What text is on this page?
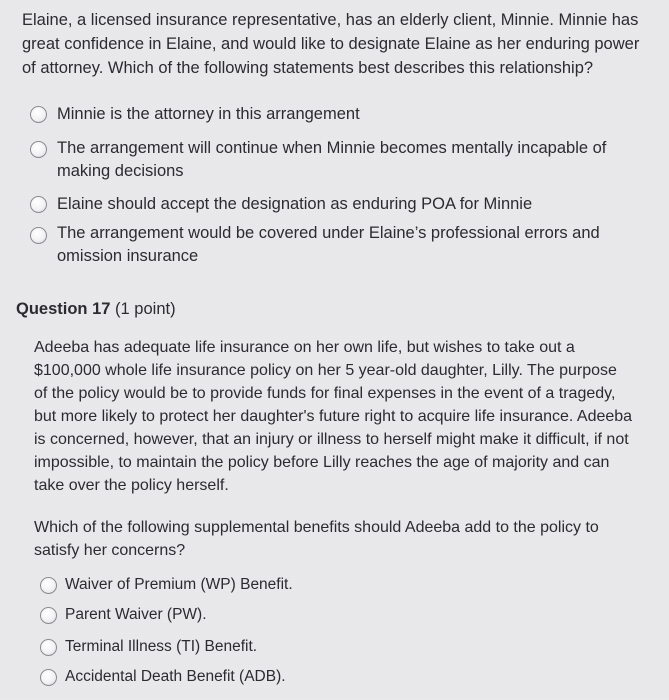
Elaine, a licensed insurance representative, has an elderly client, Minnie. Minnie has great confidence in Elaine, and would like to designate Elaine as her enduring power of attorney. Which of the following statements best describes this relationship?
Minnie is the attorney in this arrangement
The arrangement will continue when Minnie becomes mentally incapable of making decisions
Elaine should accept the designation as enduring POA for Minnie
The arrangement would be covered under Elaine’s professional errors and omission insurance
Question 17 (1 point)
Adeeba has adequate life insurance on her own life, but wishes to take out a $100,000 whole life insurance policy on her 5 year-old daughter, Lilly. The purpose of the policy would be to provide funds for final expenses in the event of a tragedy, but more likely to protect her daughter's future right to acquire life insurance. Adeeba is concerned, however, that an injury or illness to herself might make it difficult, if not impossible, to maintain the policy before Lilly reaches the age of majority and can take over the policy herself.
Which of the following supplemental benefits should Adeeba add to the policy to satisfy her concerns?
Waiver of Premium (WP) Benefit.
Parent Waiver (PW).
Terminal Illness (TI) Benefit.
Accidental Death Benefit (ADB).
